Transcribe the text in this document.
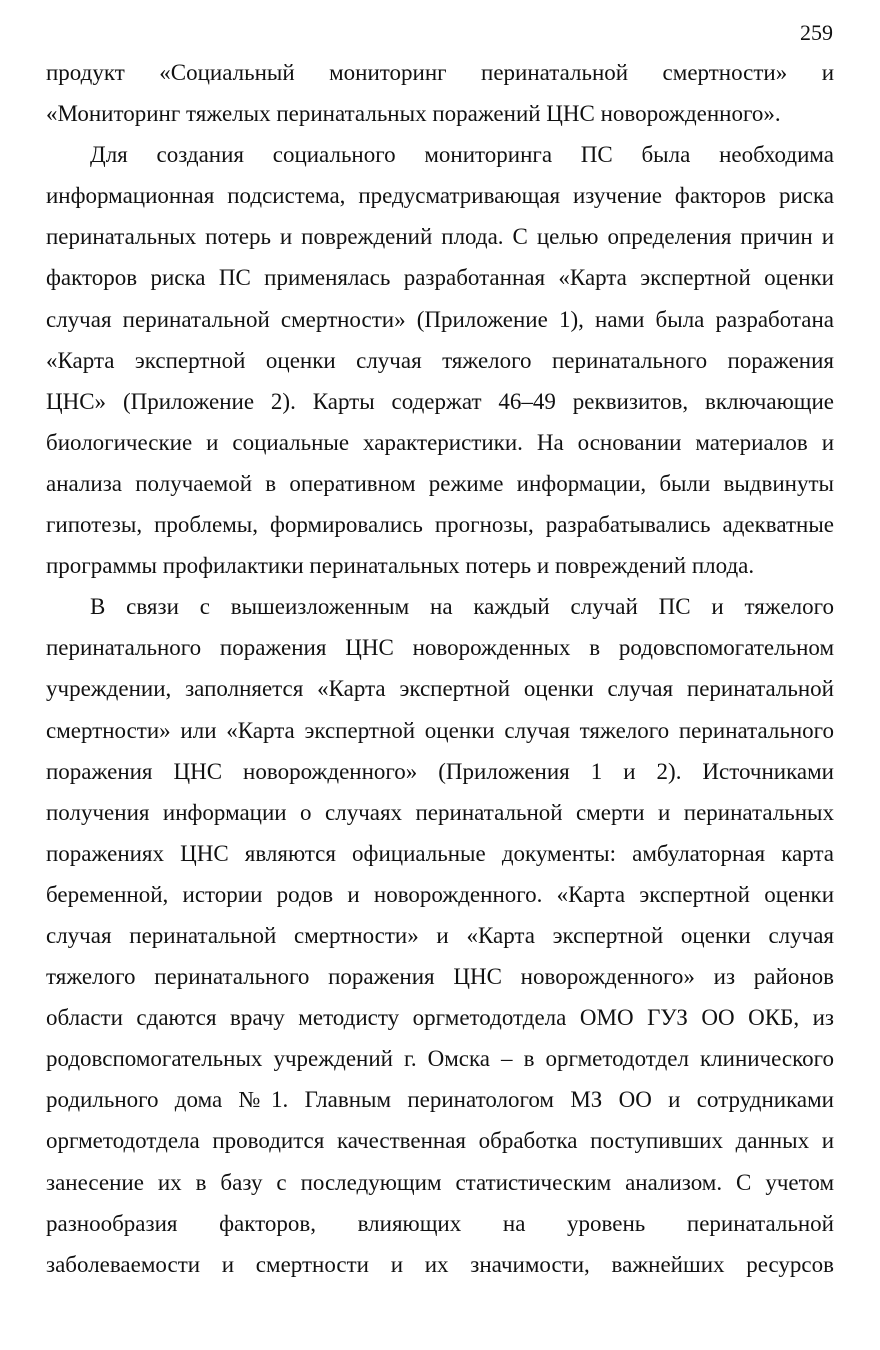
259

продукт «Социальный мониторинг перинатальной смертности» и
«Мониторинг тяжелых перинатальных поражений ЦНС новорожденного».

Для создания социального мониторинга ПС была необходима
информационная подсистема, предусматривающая изучение факторов риска
перинатальных потерь и повреждений плода. С целью определения причин и
факторов риска ПС применялась разработанная «Карта экспертной оценки
случая перинатальной смертности» (Приложение 1), нами была разработана
«Карта экспертной оценки случая тяжелого перинатального поражения
ЦНС» (Приложение 2). Карты содержат 46–49 реквизитов, включающие
биологические и социальные характеристики. На основании материалов и
анализа получаемой в оперативном режиме информации, были выдвинуты
гипотезы, проблемы, формировались прогнозы, разрабатывались адекватные
программы профилактики перинатальных потерь и повреждений плода.

В связи с вышеизложенным на каждый случай ПС и тяжелого
перинатального поражения ЦНС новорожденных в родовспомогательном
учреждении, заполняется «Карта экспертной оценки случая перинатальной
смертности» или «Карта экспертной оценки случая тяжелого перинатального
поражения ЦНС новорожденного» (Приложения 1 и 2). Источниками
получения информации о случаях перинатальной смерти и перинатальных
поражениях ЦНС являются официальные документы: амбулаторная карта
беременной, истории родов и новорожденного. «Карта экспертной оценки
случая перинатальной смертности» и «Карта экспертной оценки случая
тяжелого перинатального поражения ЦНС новорожденного» из районов
области сдаются врачу методисту оргметодотдела ОМО ГУЗ ОО ОКБ, из
родовспомогательных учреждений г. Омска – в оргметодотдел клинического
родильного дома №1. Главным перинатологом МЗ ОО и сотрудниками
оргметодотдела проводится качественная обработка поступивших данных и
занесение их в базу с последующим статистическим анализом. С учетом
разнообразия факторов, влияющих на уровень перинатальной
заболеваемости и смертности и их значимости, важнейших ресурсов
